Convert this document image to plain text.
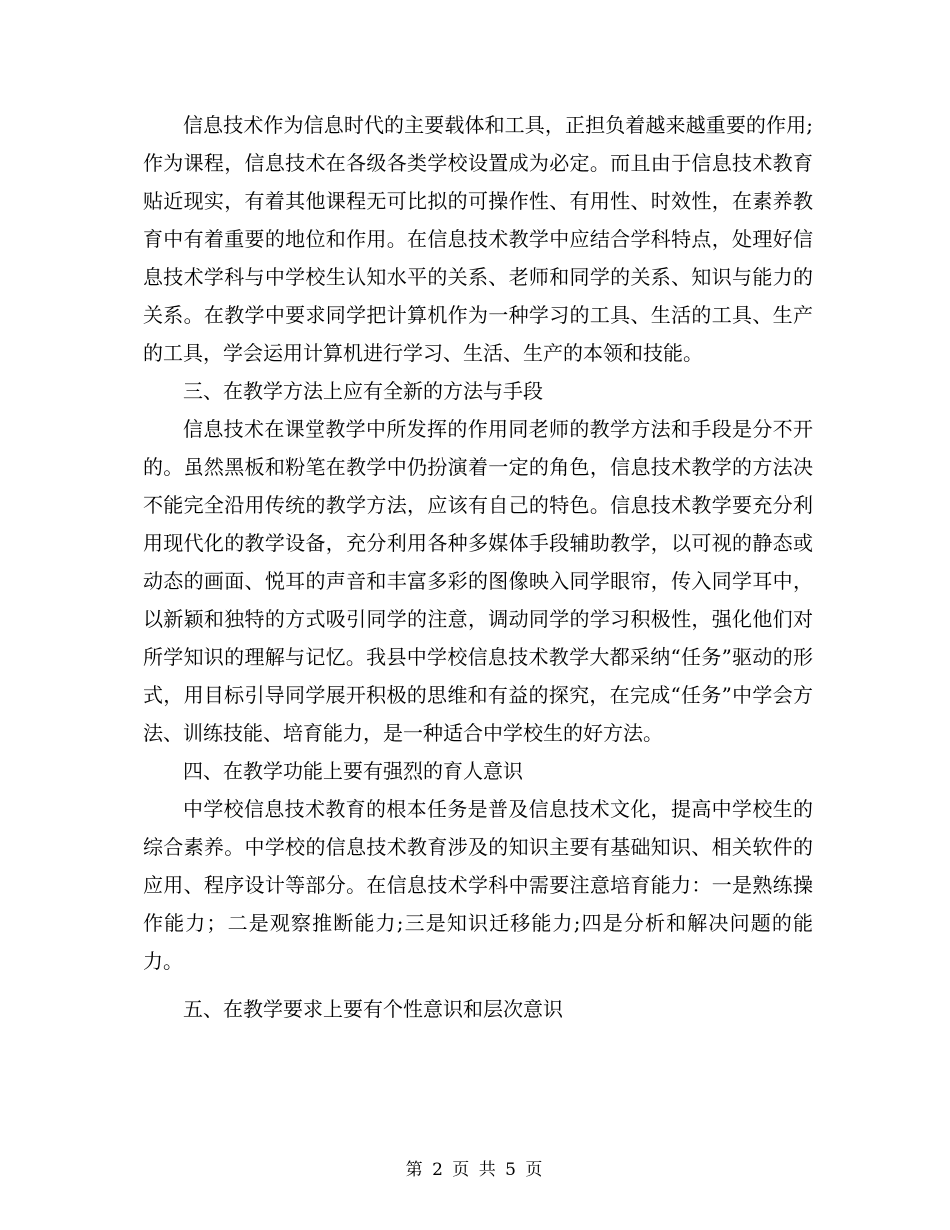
信息技术作为信息时代的主要载体和工具，正担负着越来越重要的作用;作为课程，信息技术在各级各类学校设置成为必定。而且由于信息技术教育贴近现实，有着其他课程无可比拟的可操作性、有用性、时效性，在素养教育中有着重要的地位和作用。在信息技术教学中应结合学科特点，处理好信息技术学科与中学校生认知水平的关系、老师和同学的关系、知识与能力的关系。在教学中要求同学把计算机作为一种学习的工具、生活的工具、生产的工具，学会运用计算机进行学习、生活、生产的本领和技能。

三、在教学方法上应有全新的方法与手段

信息技术在课堂教学中所发挥的作用同老师的教学方法和手段是分不开的。虽然黑板和粉笔在教学中仍扮演着一定的角色，信息技术教学的方法决不能完全沿用传统的教学方法，应该有自己的特色。信息技术教学要充分利用现代化的教学设备，充分利用各种多媒体手段辅助教学，以可视的静态或动态的画面、悦耳的声音和丰富多彩的图像映入同学眼帘，传入同学耳中，以新颖和独特的方式吸引同学的注意，调动同学的学习积极性，强化他们对所学知识的理解与记忆。我县中学校信息技术教学大都采纳“任务”驱动的形式，用目标引导同学展开积极的思维和有益的探究，在完成“任务”中学会方法、训练技能、培育能力，是一种适合中学校生的好方法。

四、在教学功能上要有强烈的育人意识

中学校信息技术教育的根本任务是普及信息技术文化，提高中学校生的综合素养。中学校的信息技术教育涉及的知识主要有基础知识、相关软件的应用、程序设计等部分。在信息技术学科中需要注意培育能力：一是熟练操作能力；二是观察推断能力;三是知识迁移能力;四是分析和解决问题的能力。

五、在教学要求上要有个性意识和层次意识

第 2 页 共 5 页
